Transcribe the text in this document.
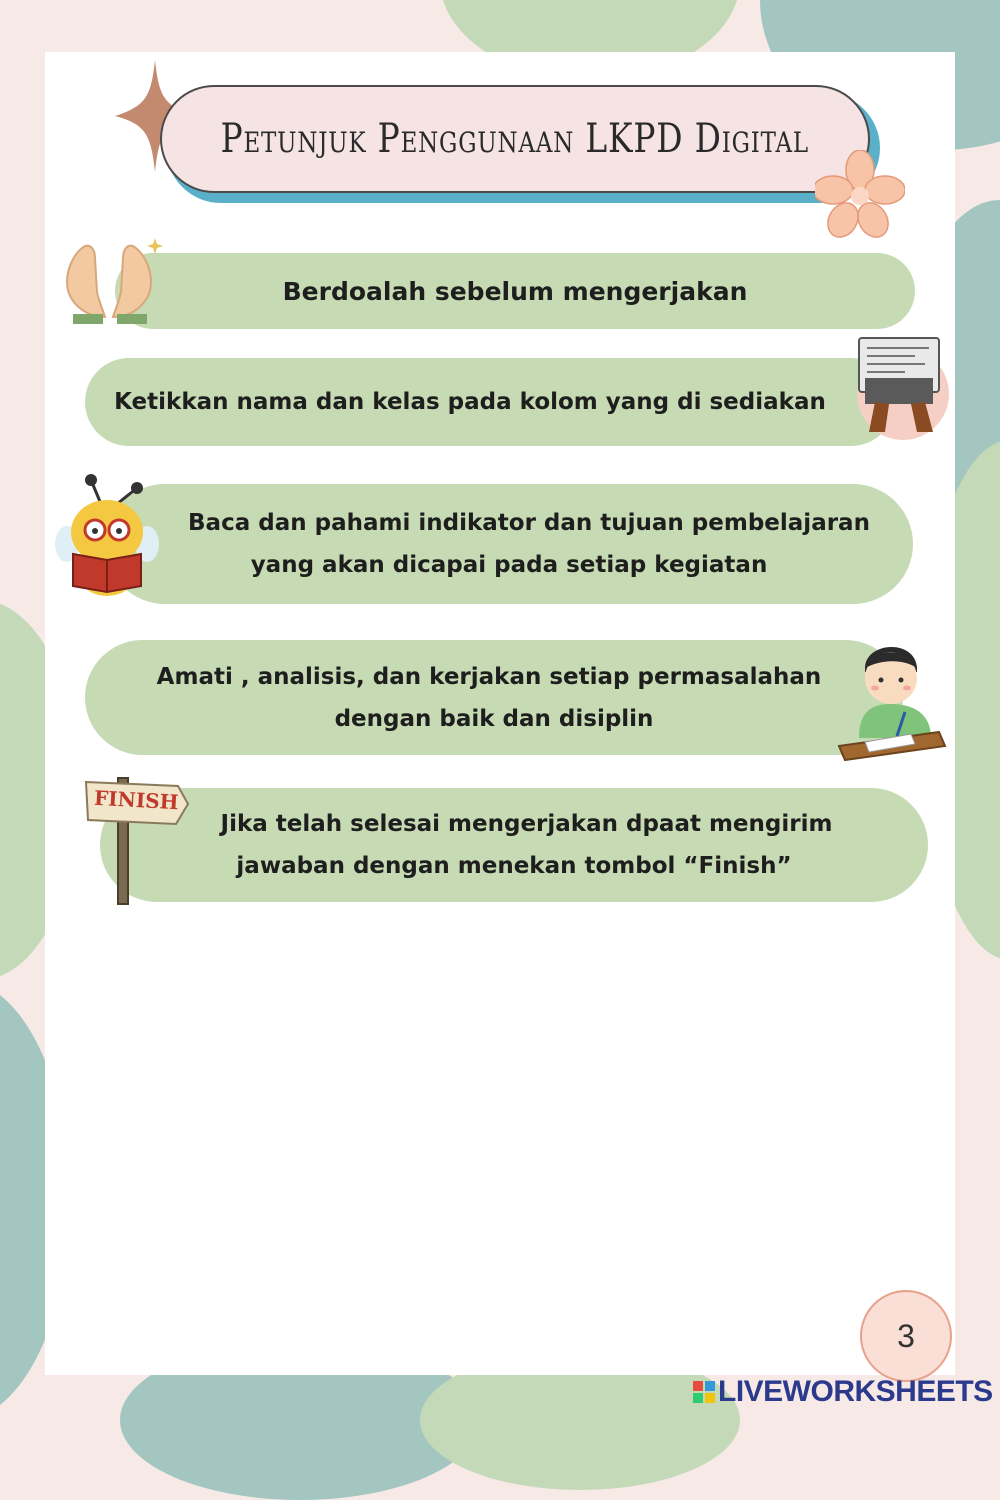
Petunjuk Penggunaan LKPD Digital
Berdoalah sebelum mengerjakan
Ketikkan nama dan kelas pada kolom yang di sediakan
Baca dan pahami indikator dan tujuan pembelajaran
yang akan dicapai pada setiap kegiatan
Amati , analisis, dan kerjakan setiap permasalahan
dengan baik dan disiplin
Jika telah selesai mengerjakan dpaat mengirim
jawaban dengan menekan tombol “Finish”
FINISH
3
LIVEWORKSHEETS
